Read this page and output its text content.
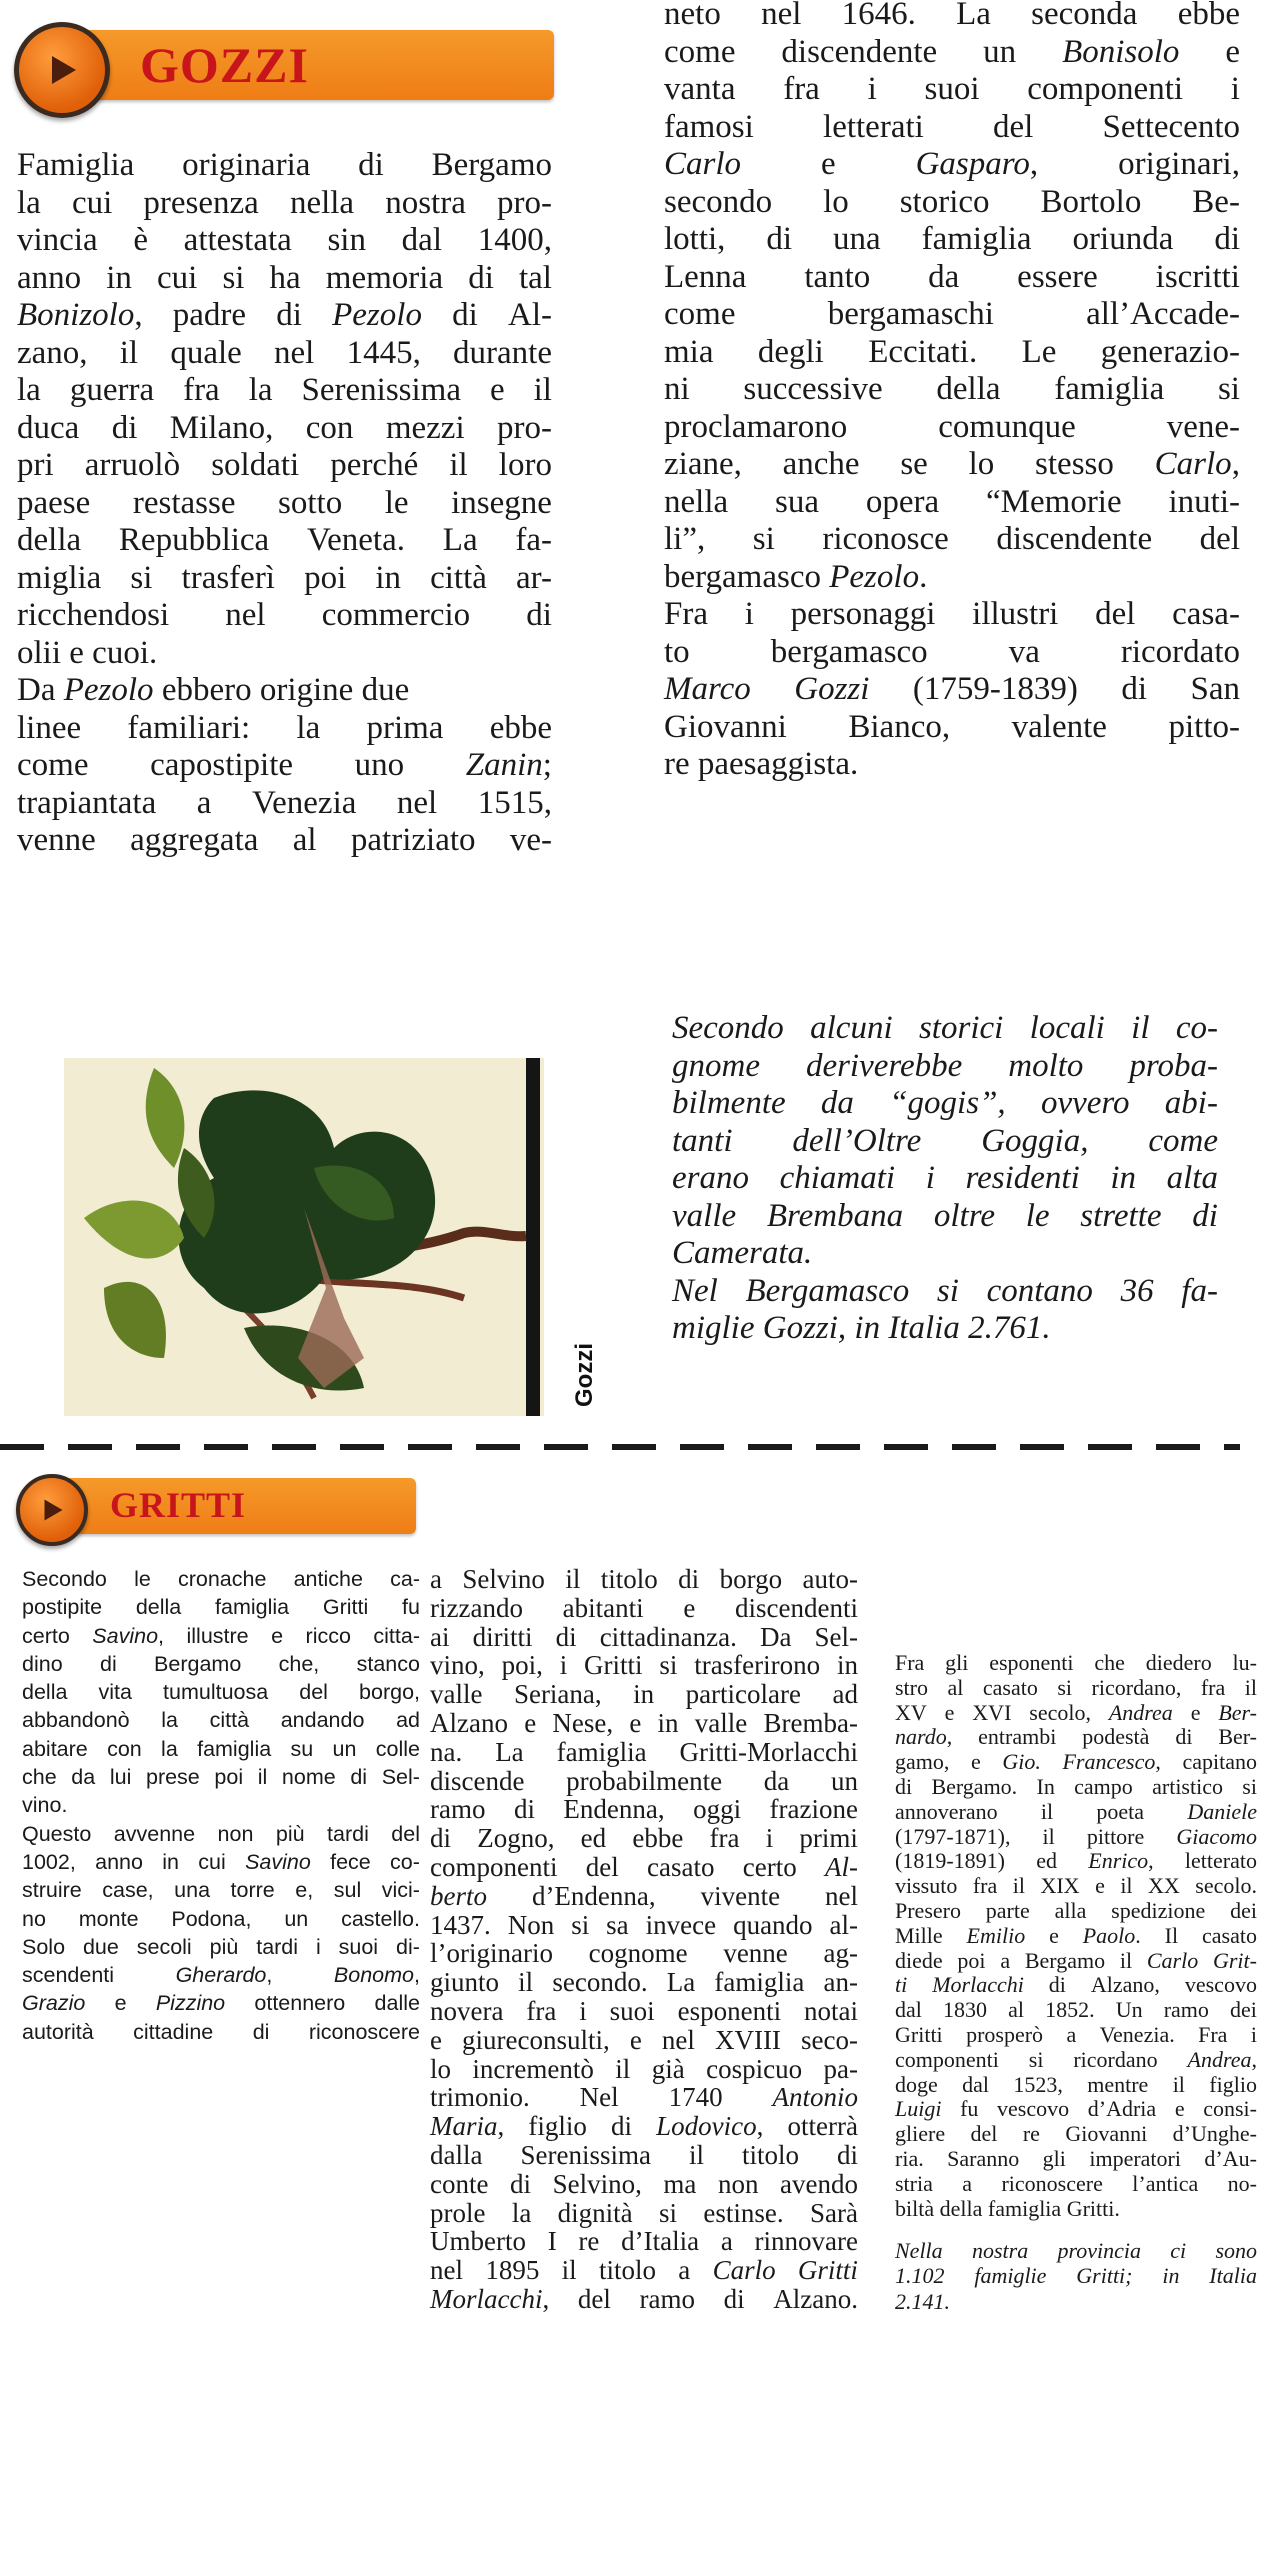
GOZZI
Famiglia originaria di Bergamo
la cui presenza nella nostra pro-
vincia è attestata sin dal 1400,
anno in cui si ha memoria di tal
Bonizolo, padre di Pezolo di Al-
zano, il quale nel 1445, durante
la guerra fra la Serenissima e il
duca di Milano, con mezzi pro-
pri arruolò soldati perché il loro
paese restasse sotto le insegne
della Repubblica Veneta. La fa-
miglia si trasferì poi in città ar-
ricchendosi nel commercio di
olii e cuoi.
Da Pezolo ebbero origine due
linee familiari: la prima ebbe
come capostipite uno Zanin;
trapiantata a Venezia nel 1515,
venne aggregata al patriziato ve-
neto nel 1646. La seconda ebbe
come discendente un Bonisolo e
vanta fra i suoi componenti i
famosi letterati del Settecento
Carlo e Gasparo, originari,
secondo lo storico Bortolo Be-
lotti, di una famiglia oriunda di
Lenna tanto da essere iscritti
come	bergamaschi	all’Accade-
mia degli Eccitati. Le generazio-
ni successive della famiglia si
proclamarono	comunque	vene-
ziane, anche se lo stesso Carlo,
nella sua opera “Memorie inuti-
li”, si riconosce discendente del
bergamasco Pezolo.
Fra i personaggi illustri del casa-
to bergamasco va ricordato
Marco Gozzi (1759-1839) di San
Giovanni Bianco, valente pitto-
re paesaggista.
Secondo alcuni storici locali il co-
gnome deriverebbe molto proba-
bilmente da “gogis”, ovvero abi-
tanti dell’Oltre Goggia, come
erano chiamati i residenti in alta
valle Brembana oltre le strette di
Camerata.
Nel Bergamasco si contano 36 fa-
miglie Gozzi, in Italia 2.761.
Gozzi
GRITTI
Secondo le cronache antiche ca-
postipite della famiglia Gritti fu
certo Savino, illustre e ricco citta-
dino di Bergamo che, stanco
della vita tumultuosa del borgo,
abbandonò la città andando ad
abitare con la famiglia su un colle
che da lui prese poi il nome di Sel-
vino.
Questo avvenne non più tardi del
1002, anno in cui Savino fece co-
struire case, una torre e, sul vici-
no monte Podona, un castello.
Solo due secoli più tardi i suoi di-
scendenti	Gherardo,	Bonomo,
Grazio e Pizzino ottennero dalle
autorità cittadine di riconoscere
a Selvino il titolo di borgo auto-
rizzando abitanti e discendenti
ai diritti di cittadinanza. Da Sel-
vino, poi, i Gritti si trasferirono in
valle Seriana, in particolare ad
Alzano e Nese, e in valle Brembа-
na. La famiglia Gritti-Morlacchi
discende probabilmente da un
ramo di Endenna, oggi frazione
di Zogno, ed ebbe fra i primi
componenti del casato certo Al-
berto d’Endenna, vivente nel
1437. Non si sa invece quando al-
l’originario cognome venne ag-
giunto il secondo. La famiglia an-
novera fra i suoi esponenti notai
e giureconsulti, e nel XVIII seco-
lo incrementò il già cospicuo pa-
trimonio. Nel 1740 Antonio
Maria, figlio di Lodovico, otterrà
dalla Serenissima il titolo di
conte di Selvino, ma non avendo
prole la dignità si estinse. Sarà
Umberto I re d’Italia a rinnovare
nel 1895 il titolo a Carlo Gritti
Morlacchi, del ramo di Alzano.
Fra gli esponenti che diedero lu-
stro al casato si ricordano, fra il
XV e XVI secolo, Andrea e Ber-
nardo, entrambi podestà di Ber-
gamo, e Gio. Francesco, capitano
di Bergamo. In campo artistico si
annoverano il poeta Daniele
(1797-1871), il pittore Giacomo
(1819-1891) ed Enrico, letterato
vissuto fra il XIX e il XX secolo.
Presero parte alla spedizione dei
Mille Emilio e Paolo. Il casato
diede poi a Bergamo il Carlo Grit-
ti Morlacchi di Alzano, vescovo
dal 1830 al 1852. Un ramo dei
Gritti prosperò a Venezia. Fra i
componenti si ricordano Andrea,
doge dal 1523, mentre il figlio
Luigi fu vescovo d’Adria e consi-
gliere del re Giovanni d’Unghe-
ria. Saranno gli imperatori d’Au-
stria a riconoscere l’antica no-
biltà della famiglia Gritti.
Nella nostra provincia ci sono
1.102 famiglie Gritti; in Italia
2.141.
